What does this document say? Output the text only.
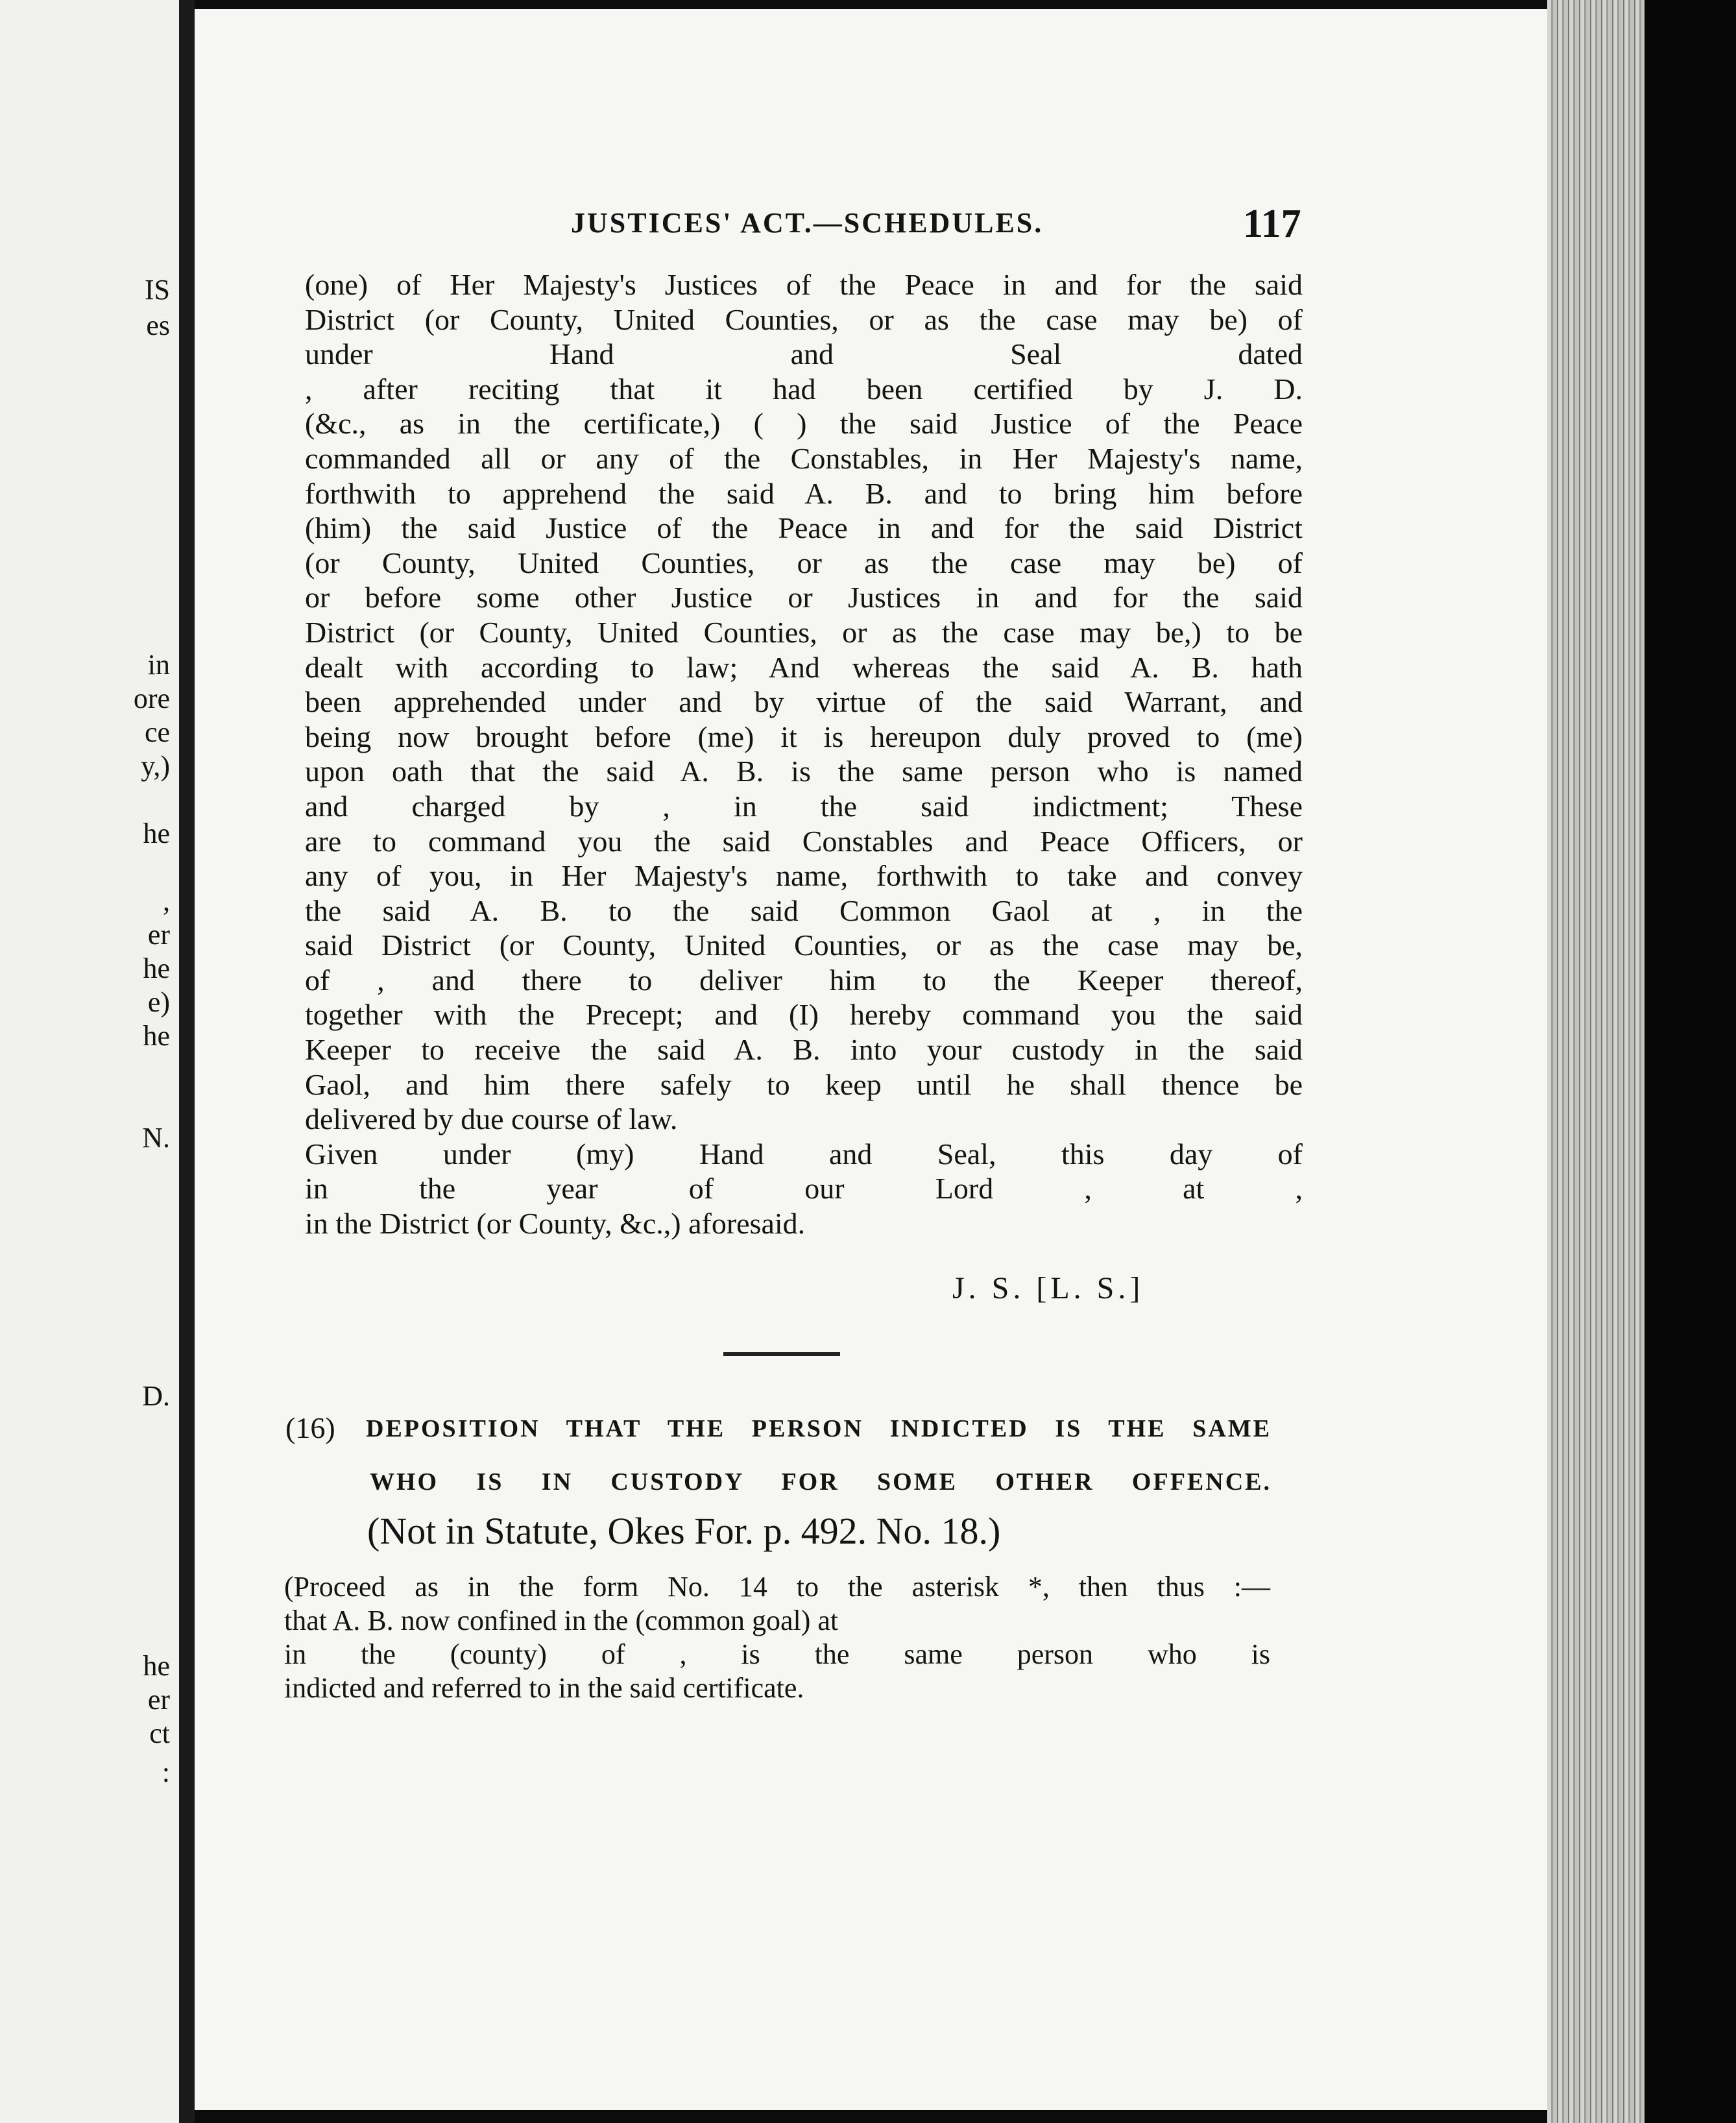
IS
es
in
ore
ce
y,)
he
,
er
he
e)
he
N.
D.
he
er
ct
:
JUSTICES' ACT.—SCHEDULES.	117
(one) of Her Majesty's Justices of the Peace in and for the said
District (or County, United Counties, or as the case may be) of
under Hand and Seal dated
, after reciting that it had been certified by J. D.
(&c., as in the certificate,) ( ) the said Justice of the Peace
commanded all or any of the Constables, in Her Majesty's name,
forthwith to apprehend the said A. B. and to bring him before
(him) the said Justice of the Peace in and for the said District
(or County, United Counties, or as the case may be) of
or before some other Justice or Justices in and for the said
District (or County, United Counties, or as the case may be,) to be
dealt with according to law; And whereas the said A. B. hath
been apprehended under and by virtue of the said Warrant, and
being now brought before (me) it is hereupon duly proved to (me)
upon oath that the said A. B. is the same person who is named
and charged by , in the said indictment; These
are to command you the said Constables and Peace Officers, or
any of you, in Her Majesty's name, forthwith to take and convey
the said A. B. to the said Common Gaol at , in the
said District (or County, United Counties, or as the case may be,
of , and there to deliver him to the Keeper thereof,
together with the Precept; and (I) hereby command you the said
Keeper to receive the said A. B. into your custody in the said
Gaol, and him there safely to keep until he shall thence be
delivered by due course of law.
Given under (my) Hand and Seal, this day of
in the year of our Lord , at ,
in the District (or County, &c.,) aforesaid.
J. S. [L. S.]
(16) DEPOSITION THAT THE PERSON INDICTED IS THE SAME
WHO IS IN CUSTODY FOR SOME OTHER OFFENCE.
(Not in Statute, Okes For. p. 492. No. 18.)
(Proceed as in the form No. 14 to the asterisk *, then thus :—
that A. B. now confined in the (common goal) at
in the (county) of , is the same person who is
indicted and referred to in the said certificate.
